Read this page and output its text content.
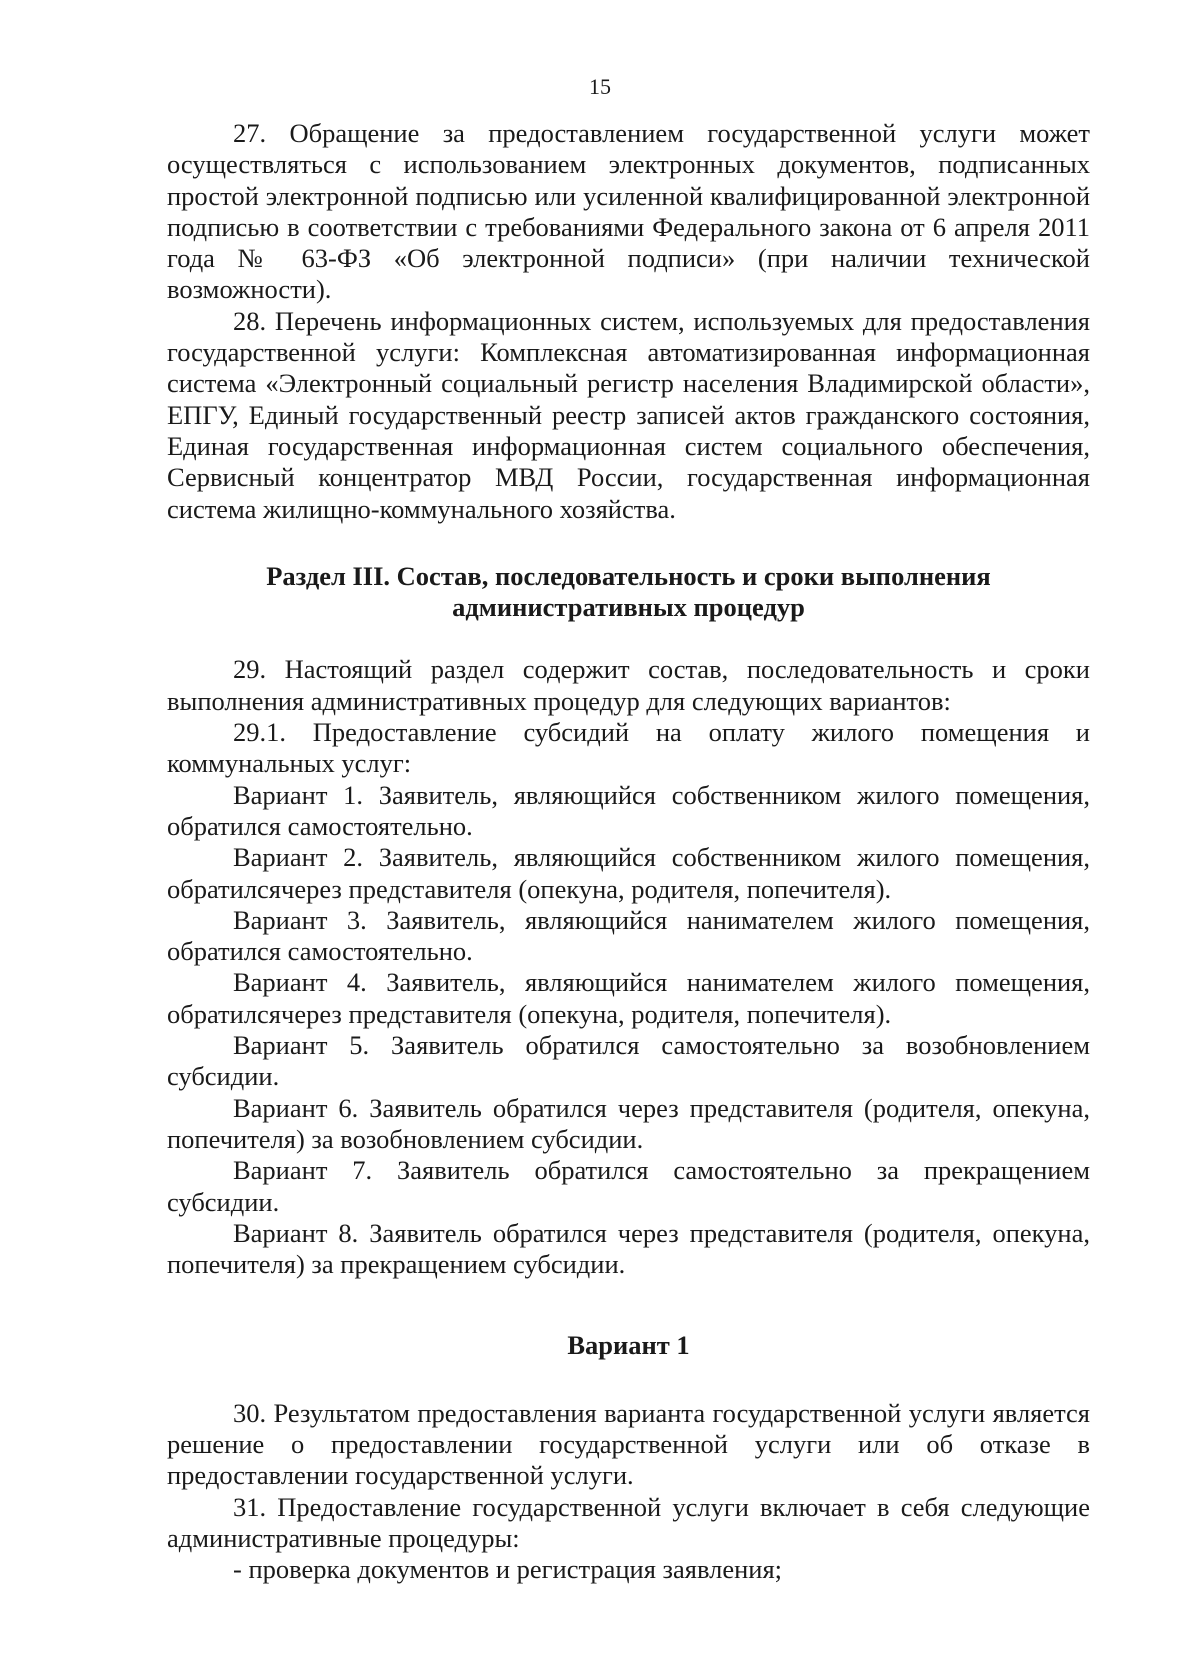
15

27. Обращение за предоставлением государственной услуги может осуществляться с использованием электронных документов, подписанных простой электронной подписью или усиленной квалифицированной электронной подписью в соответствии с требованиями Федерального закона от 6 апреля 2011 года № 63-ФЗ «Об электронной подписи» (при наличии технической возможности).

28. Перечень информационных систем, используемых для предоставления государственной услуги: Комплексная автоматизированная информационная система «Электронный социальный регистр населения Владимирской области», ЕПГУ, Единый государственный реестр записей актов гражданского состояния, Единая государственная информационная систем социального обеспечения, Сервисный концентратор МВД России, государственная информационная система жилищно-коммунального хозяйства.

Раздел III. Состав, последовательность и сроки выполнения
административных процедур

29. Настоящий раздел содержит состав, последовательность и сроки выполнения административных процедур для следующих вариантов:

29.1. Предоставление субсидий на оплату жилого помещения и коммунальных услуг:

Вариант 1. Заявитель, являющийся собственником жилого помещения, обратился самостоятельно.

Вариант 2. Заявитель, являющийся собственником жилого помещения, обратилсячерез представителя (опекуна, родителя, попечителя).

Вариант 3. Заявитель, являющийся нанимателем жилого помещения, обратился самостоятельно.

Вариант 4. Заявитель, являющийся нанимателем жилого помещения, обратилсячерез представителя (опекуна, родителя, попечителя).

Вариант 5. Заявитель обратился самостоятельно за возобновлением субсидии.

Вариант 6. Заявитель обратился через представителя (родителя, опекуна, попечителя) за возобновлением субсидии.

Вариант 7. Заявитель обратился самостоятельно за прекращением субсидии.

Вариант 8. Заявитель обратился через представителя (родителя, опекуна, попечителя) за прекращением субсидии.

Вариант 1

30. Результатом предоставления варианта государственной услуги является решение о предоставлении государственной услуги или об отказе в предоставлении государственной услуги.

31. Предоставление государственной услуги включает в себя следующие административные процедуры:

- проверка документов и регистрация заявления;
